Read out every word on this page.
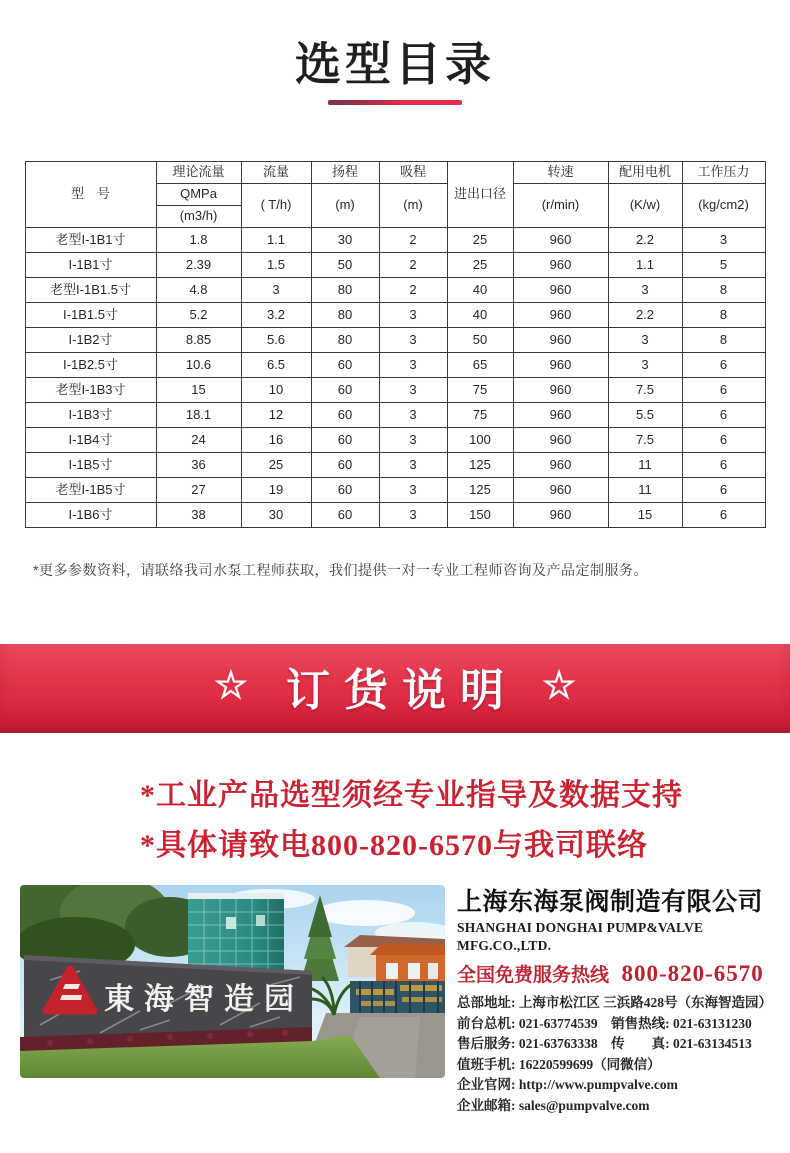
选型目录
型　号	理论流量	流量	扬程	吸程	进出口径	转速	配用电机	工作压力
	QMPa	( T/h)	(m)	(m)		(r/min)	(K/w)	(kg/cm2)
	(m3/h)							
老型I-1B1寸	1.8	1.1	30	2	25	960	2.2	3
I-1B1寸	2.39	1.5	50	2	25	960	1.1	5
老型I-1B1.5寸	4.8	3	80	2	40	960	3	8
I-1B1.5寸	5.2	3.2	80	3	40	960	2.2	8
I-1B2寸	8.85	5.6	80	3	50	960	3	8
I-1B2.5寸	10.6	6.5	60	3	65	960	3	6
老型I-1B3寸	15	10	60	3	75	960	7.5	6
I-1B3寸	18.1	12	60	3	75	960	5.5	6
I-1B4寸	24	16	60	3	100	960	7.5	6
I-1B5寸	36	25	60	3	125	960	11	6
老型I-1B5寸	27	19	60	3	125	960	11	6
I-1B6寸	38	30	60	3	150	960	15	6
*更多参数资料，请联络我司水泵工程师获取，我们提供一对一专业工程师咨询及产品定制服务。
☆ 订货说明 ☆
*工业产品选型须经专业指导及数据支持
*具体请致电800-820-6570与我司联络
東海智造园
上海东海泵阀制造有限公司
SHANGHAI DONGHAI PUMP&VALVE MFG.CO.,LTD.
全国免费服务热线 800-820-6570
总部地址: 上海市松江区 三浜路428号（东海智造园）
前台总机: 021-63774539　销售热线: 021-63131230
售后服务: 021-63763338　传　　真: 021-63134513
值班手机: 16220599699（同微信）
企业官网: http://www.pumpvalve.com
企业邮箱: sales@pumpvalve.com
